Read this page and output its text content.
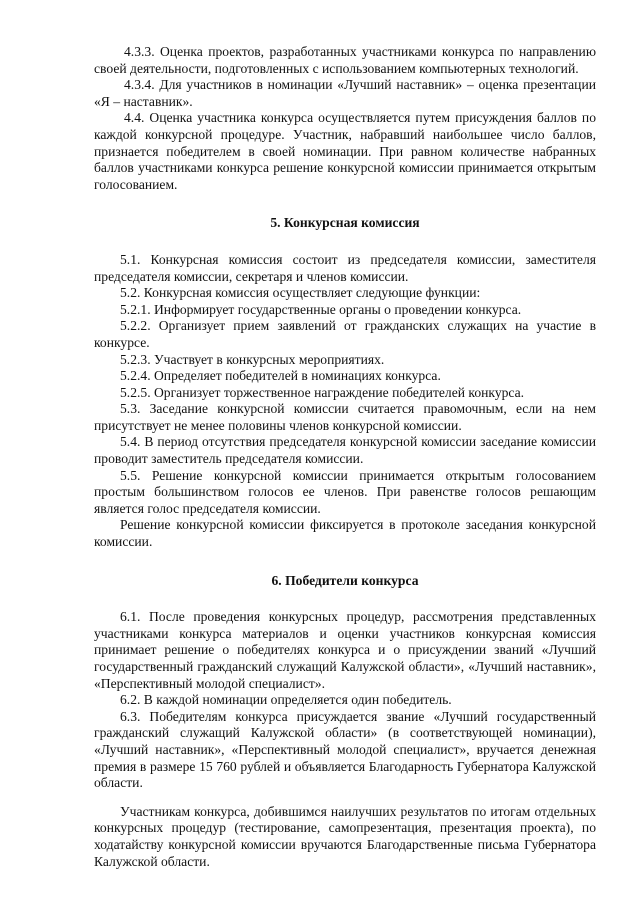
4.3.3. Оценка проектов, разработанных участниками конкурса по направлению своей деятельности, подготовленных с использованием компьютерных технологий.

4.3.4. Для участников в номинации «Лучший наставник» – оценка презентации «Я – наставник».

4.4. Оценка участника конкурса осуществляется путем присуждения баллов по каждой конкурсной процедуре. Участник, набравший наибольшее число баллов, признается победителем в своей номинации. При равном количестве набранных баллов участниками конкурса решение конкурсной комиссии принимается открытым голосованием.

5. Конкурсная комиссия

5.1. Конкурсная комиссия состоит из председателя комиссии, заместителя председателя комиссии, секретаря и членов комиссии.

5.2. Конкурсная комиссия осуществляет следующие функции:

5.2.1. Информирует государственные органы о проведении конкурса.

5.2.2. Организует прием заявлений от гражданских служащих на участие в конкурсе.

5.2.3. Участвует в конкурсных мероприятиях.

5.2.4. Определяет победителей в номинациях конкурса.

5.2.5. Организует торжественное награждение победителей конкурса.

5.3. Заседание конкурсной комиссии считается правомочным, если на нем присутствует не менее половины членов конкурсной комиссии.

5.4. В период отсутствия председателя конкурсной комиссии заседание комиссии проводит заместитель председателя комиссии.

5.5. Решение конкурсной комиссии принимается открытым голосованием простым большинством голосов ее членов. При равенстве голосов решающим является голос председателя комиссии.

Решение конкурсной комиссии фиксируется в протоколе заседания конкурсной комиссии.

6. Победители конкурса

6.1. После проведения конкурсных процедур, рассмотрения представленных участниками конкурса материалов и оценки участников конкурсная комиссия принимает решение о победителях конкурса и о присуждении званий «Лучший государственный гражданский служащий Калужской области», «Лучший наставник», «Перспективный молодой специалист».

6.2. В каждой номинации определяется один победитель.

6.3. Победителям конкурса присуждается звание «Лучший государственный гражданский служащий Калужской области» (в соответствующей номинации), «Лучший наставник», «Перспективный молодой специалист», вручается денежная премия в размере 15 760 рублей и объявляется Благодарность Губернатора Калужской области.

Участникам конкурса, добившимся наилучших результатов по итогам отдельных конкурсных процедур (тестирование, самопрезентация, презентация проекта), по ходатайству конкурсной комиссии вручаются Благодарственные письма Губернатора Калужской области.
